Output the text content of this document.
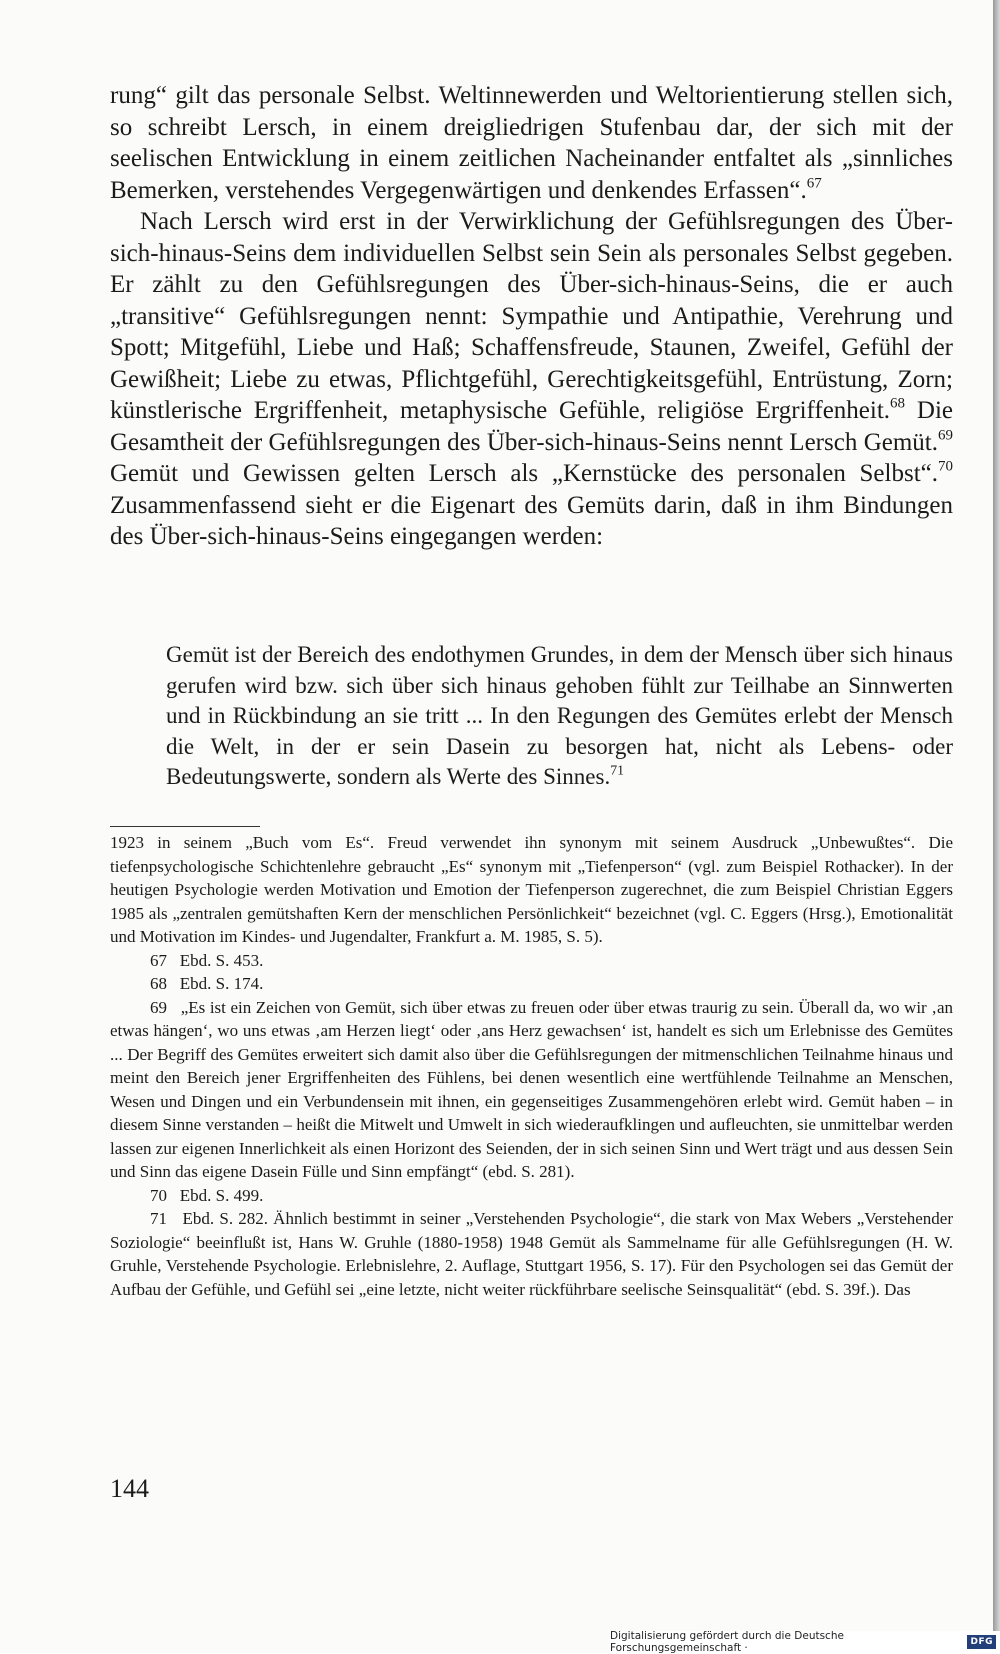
rung“ gilt das personale Selbst. Weltinnewerden und Weltorientierung stellen sich, so schreibt Lersch, in einem dreigliedrigen Stufenbau dar, der sich mit der seelischen Entwicklung in einem zeitlichen Nacheinander entfaltet als „sinnliches Bemerken, verstehendes Vergegenwärtigen und denkendes Erfassen“.$^{67}$

Nach Lersch wird erst in der Verwirklichung der Gefühlsregungen des Über-sich-hinaus-Seins dem individuellen Selbst sein Sein als personales Selbst gegeben. Er zählt zu den Gefühlsregungen des Über-sich-hinaus-Seins, die er auch „transitive“ Gefühlsregungen nennt: Sympathie und Antipathie, Verehrung und Spott; Mitgefühl, Liebe und Haß; Schaffensfreude, Staunen, Zweifel, Gefühl der Gewißheit; Liebe zu etwas, Pflichtgefühl, Gerechtigkeitsgefühl, Entrüstung, Zorn; künstlerische Ergriffenheit, metaphysische Gefühle, religiöse Ergriffenheit.$^{68}$ Die Gesamtheit der Gefühlsregungen des Über-sich-hinaus-Seins nennt Lersch Gemüt.$^{69}$ Gemüt und Gewissen gelten Lersch als „Kernstücke des personalen Selbst“.$^{70}$ Zusammenfassend sieht er die Eigenart des Gemüts darin, daß in ihm Bindungen des Über-sich-hinaus-Seins eingegangen werden:

Gemüt ist der Bereich des endothymen Grundes, in dem der Mensch über sich hinaus gerufen wird bzw. sich über sich hinaus gehoben fühlt zur Teilhabe an Sinnwerten und in Rückbindung an sie tritt ... In den Regungen des Gemütes erlebt der Mensch die Welt, in der er sein Dasein zu besorgen hat, nicht als Lebens- oder Bedeutungswerte, sondern als Werte des Sinnes.$^{71}$

1923 in seinem „Buch vom Es“. Freud verwendet ihn synonym mit seinem Ausdruck „Unbewußtes“. Die tiefenpsychologische Schichtenlehre gebraucht „Es“ synonym mit „Tiefenperson“ (vgl. zum Beispiel Rothacker). In der heutigen Psychologie werden Motivation und Emotion der Tiefenperson zugerechnet, die zum Beispiel Christian Eggers 1985 als „zentralen gemütshaften Kern der menschlichen Persönlichkeit“ bezeichnet (vgl. C. Eggers (Hrsg.), Emotionalität und Motivation im Kindes- und Jugendalter, Frankfurt a. M. 1985, S. 5).

67 Ebd. S. 453.

68 Ebd. S. 174.

69 „Es ist ein Zeichen von Gemüt, sich über etwas zu freuen oder über etwas traurig zu sein. Überall da, wo wir ‚an etwas hängen‘, wo uns etwas ‚am Herzen liegt‘ oder ‚ans Herz gewachsen‘ ist, handelt es sich um Erlebnisse des Gemütes ... Der Begriff des Gemütes erweitert sich damit also über die Gefühlsregungen der mitmenschlichen Teilnahme hinaus und meint den Bereich jener Ergriffenheiten des Fühlens, bei denen wesentlich eine wertfühlende Teilnahme an Menschen, Wesen und Dingen und ein Verbundensein mit ihnen, ein gegenseitiges Zusammengehören erlebt wird. Gemüt haben – in diesem Sinne verstanden – heißt die Mitwelt und Umwelt in sich wiederaufklingen und aufleuchten, sie unmittelbar werden lassen zur eigenen Innerlichkeit als einen Horizont des Seienden, der in sich seinen Sinn und Wert trägt und aus dessen Sein und Sinn das eigene Dasein Fülle und Sinn empfängt“ (ebd. S. 281).

70 Ebd. S. 499.

71 Ebd. S. 282. Ähnlich bestimmt in seiner „Verstehenden Psychologie“, die stark von Max Webers „Verstehender Soziologie“ beeinflußt ist, Hans W. Gruhle (1880-1958) 1948 Gemüt als Sammelname für alle Gefühlsregungen (H. W. Gruhle, Verstehende Psychologie. Erlebnislehre, 2. Auflage, Stuttgart 1956, S. 17). Für den Psychologen sei das Gemüt der Aufbau der Gefühle, und Gefühl sei „eine letzte, nicht weiter rückführbare seelische Seinsqualität“ (ebd. S. 39f.). Das

144
Digitalisierung gefördert durch die Deutsche Forschungsgemeinschaft ·	DFG
